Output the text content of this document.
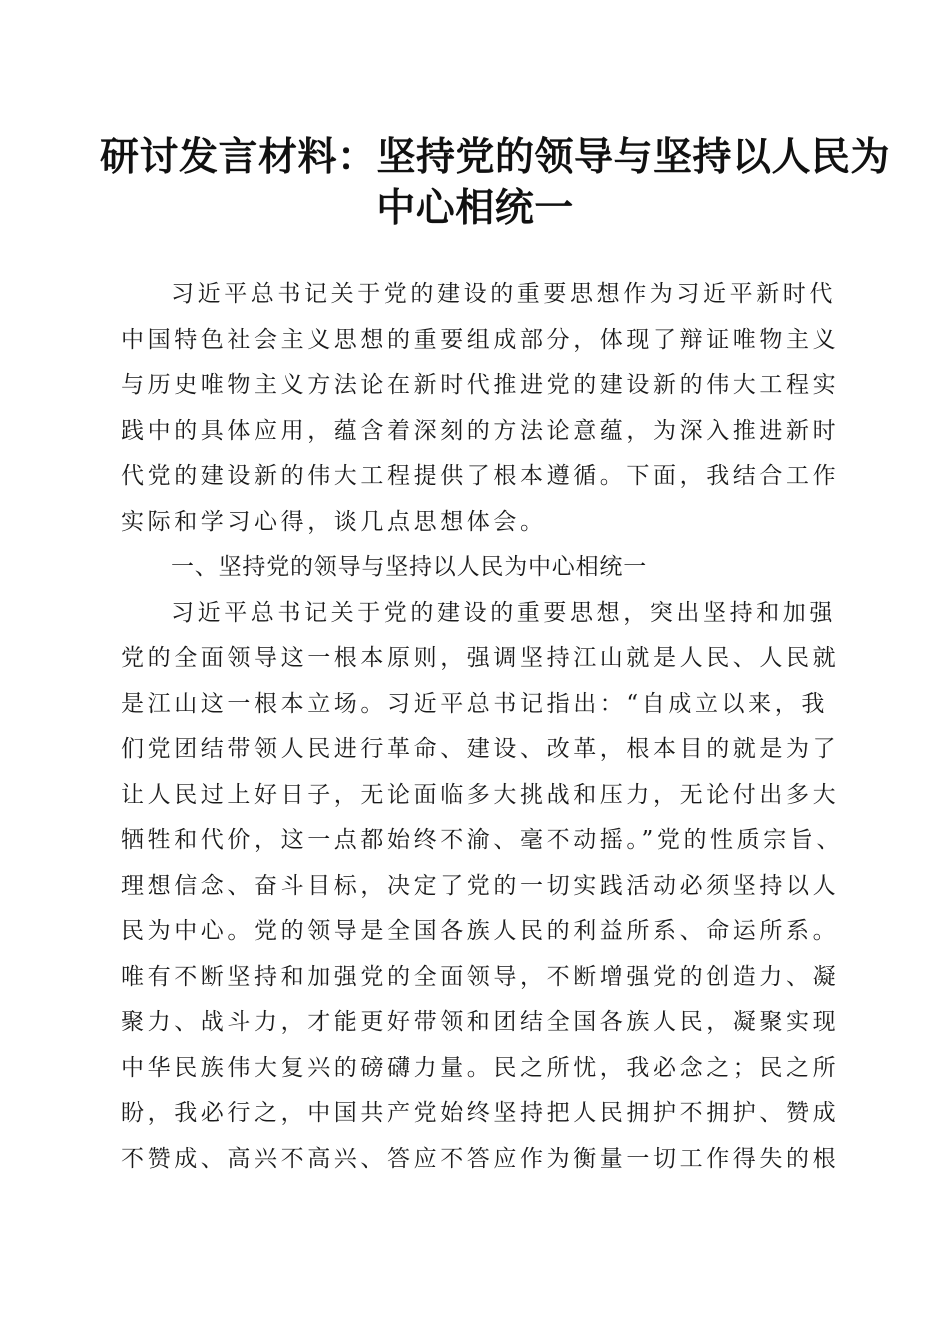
研讨发言材料：坚持党的领导与坚持以人民为
中心相统一
习近平总书记关于党的建设的重要思想作为习近平新时代
中国特色社会主义思想的重要组成部分，体现了辩证唯物主义
与历史唯物主义方法论在新时代推进党的建设新的伟大工程实
践中的具体应用，蕴含着深刻的方法论意蕴，为深入推进新时
代党的建设新的伟大工程提供了根本遵循。下面，我结合工作
实际和学习心得，谈几点思想体会。
一、坚持党的领导与坚持以人民为中心相统一
习近平总书记关于党的建设的重要思想，突出坚持和加强
党的全面领导这一根本原则，强调坚持江山就是人民、人民就
是江山这一根本立场。习近平总书记指出：“自成立以来，我
们党团结带领人民进行革命、建设、改革，根本目的就是为了
让人民过上好日子，无论面临多大挑战和压力，无论付出多大
牺牲和代价，这一点都始终不渝、毫不动摇。”党的性质宗旨、
理想信念、奋斗目标，决定了党的一切实践活动必须坚持以人
民为中心。党的领导是全国各族人民的利益所系、命运所系。
唯有不断坚持和加强党的全面领导，不断增强党的创造力、凝
聚力、战斗力，才能更好带领和团结全国各族人民，凝聚实现
中华民族伟大复兴的磅礴力量。民之所忧，我必念之；民之所
盼，我必行之，中国共产党始终坚持把人民拥护不拥护、赞成
不赞成、高兴不高兴、答应不答应作为衡量一切工作得失的根
